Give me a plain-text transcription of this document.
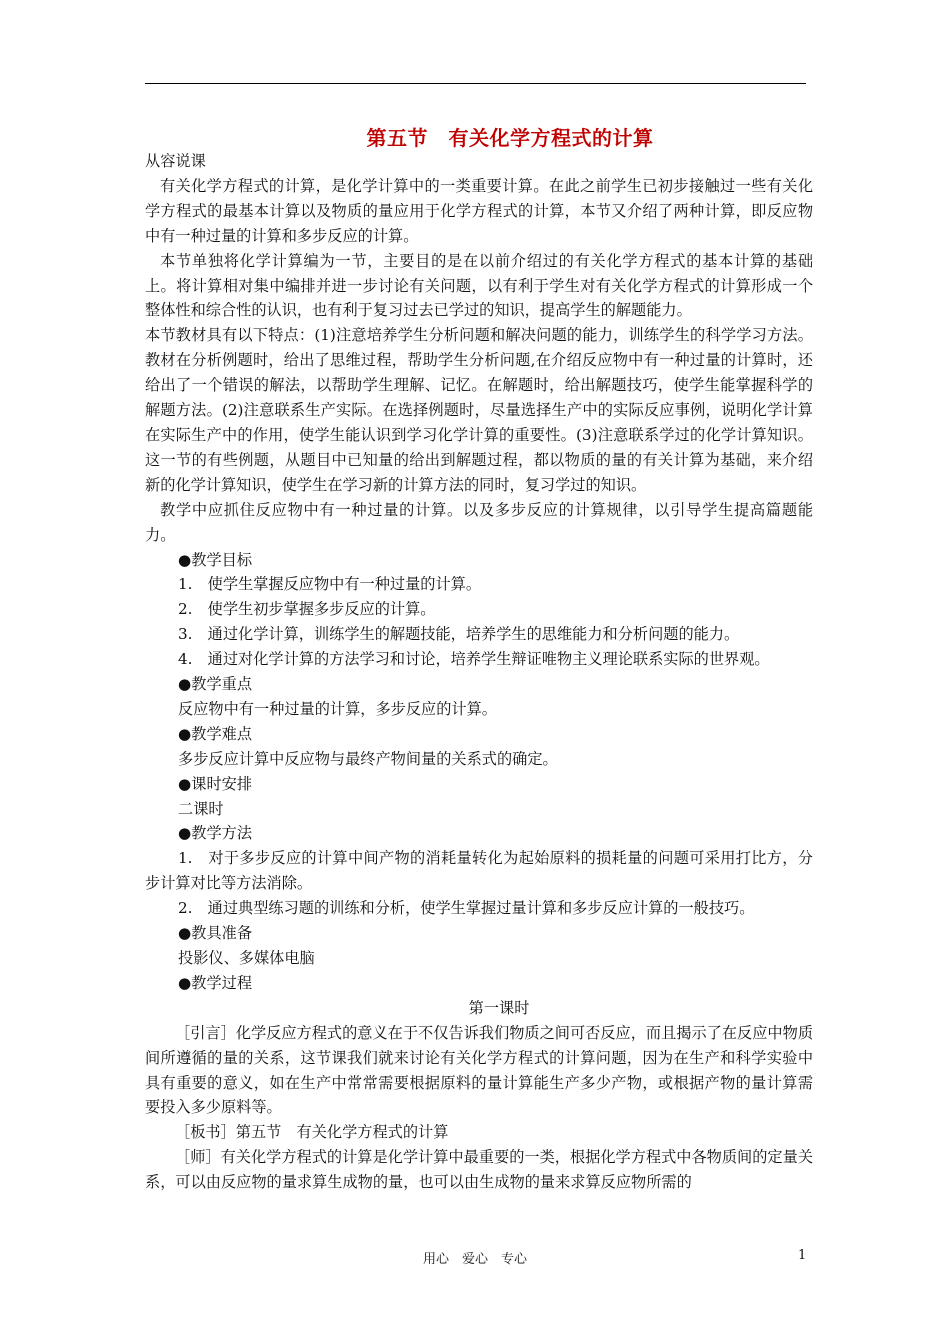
第五节　有关化学方程式的计算

从容说课

有关化学方程式的计算，是化学计算中的一类重要计算。在此之前学生已初步接触过一些有关化学方程式的最基本计算以及物质的量应用于化学方程式的计算，本节又介绍了两种计算，即反应物中有一种过量的计算和多步反应的计算。

本节单独将化学计算编为一节，主要目的是在以前介绍过的有关化学方程式的基本计算的基础上。将计算相对集中编排并进一步讨论有关问题，以有利于学生对有关化学方程式的计算形成一个整体性和综合性的认识，也有利于复习过去已学过的知识，提高学生的解题能力。

本节教材具有以下特点：(1)注意培养学生分析问题和解决问题的能力，训练学生的科学学习方法。教材在分析例题时，给出了思维过程，帮助学生分析问题,在介绍反应物中有一种过量的计算时，还给出了一个错误的解法，以帮助学生理解、记忆。在解题时，给出解题技巧，使学生能掌握科学的解题方法。(2)注意联系生产实际。在选择例题时，尽量选择生产中的实际反应事例，说明化学计算在实际生产中的作用，使学生能认识到学习化学计算的重要性。(3)注意联系学过的化学计算知识。这一节的有些例题，从题目中已知量的给出到解题过程，都以物质的量的有关计算为基础，来介绍新的化学计算知识，使学生在学习新的计算方法的同时，复习学过的知识。

教学中应抓住反应物中有一种过量的计算。以及多步反应的计算规律，以引导学生提高篇题能力。

●教学目标

1.　使学生掌握反应物中有一种过量的计算。

2.　使学生初步掌握多步反应的计算。

3.　通过化学计算，训练学生的解题技能，培养学生的思维能力和分析问题的能力。

4.　通过对化学计算的方法学习和讨论，培养学生辩证唯物主义理论联系实际的世界观。

●教学重点

反应物中有一种过量的计算，多步反应的计算。

●教学难点

多步反应计算中反应物与最终产物间量的关系式的确定。

●课时安排

二课时

●教学方法

1.　对于多步反应的计算中间产物的消耗量转化为起始原料的损耗量的问题可采用打比方，分步计算对比等方法消除。

2.　通过典型练习题的训练和分析，使学生掌握过量计算和多步反应计算的一般技巧。

●教具准备

投影仪、多媒体电脑

●教学过程

第一课时

［引言］化学反应方程式的意义在于不仅告诉我们物质之间可否反应，而且揭示了在反应中物质间所遵循的量的关系，这节课我们就来讨论有关化学方程式的计算问题，因为在生产和科学实验中具有重要的意义，如在生产中常常需要根据原料的量计算能生产多少产物，或根据产物的量计算需要投入多少原料等。

［板书］第五节　有关化学方程式的计算

［师］有关化学方程式的计算是化学计算中最重要的一类，根据化学方程式中各物质间的定量关系，可以由反应物的量求算生成物的量，也可以由生成物的量来求算反应物所需的

用心　爱心　专心	1
